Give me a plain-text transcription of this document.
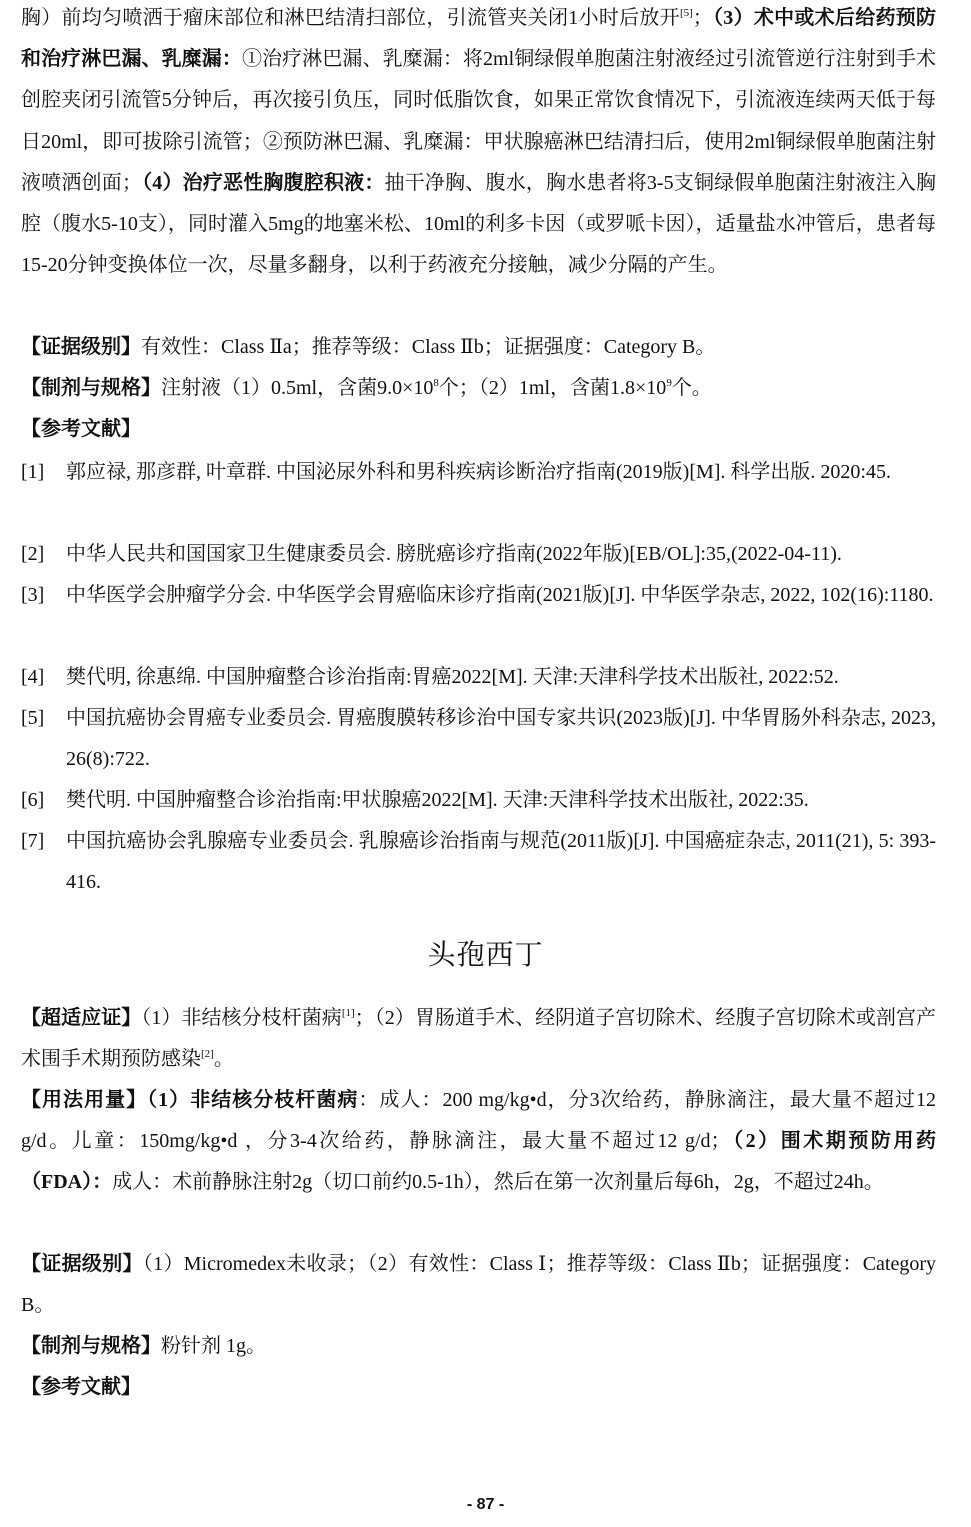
胸）前均匀喷洒于瘤床部位和淋巴结清扫部位，引流管夹关闭1小时后放开[5]；（3）术中或术后给药预防和治疗淋巴漏、乳糜漏：①治疗淋巴漏、乳糜漏：将2ml铜绿假单胞菌注射液经过引流管逆行注射到手术创腔夹闭引流管5分钟后，再次接引负压，同时低脂饮食，如果正常饮食情况下，引流液连续两天低于每日20ml，即可拔除引流管；②预防淋巴漏、乳糜漏：甲状腺癌淋巴结清扫后，使用2ml铜绿假单胞菌注射液喷洒创面；（4）治疗恶性胸腹腔积液：抽干净胸、腹水，胸水患者将3-5支铜绿假单胞菌注射液注入胸腔（腹水5-10支），同时灌入5mg的地塞米松、10ml的利多卡因（或罗哌卡因），适量盐水冲管后，患者每15-20分钟变换体位一次，尽量多翻身，以利于药液充分接触，减少分隔的产生。

【证据级别】有效性：Class Ⅱa；推荐等级：Class Ⅱb；证据强度：Category B。

【制剂与规格】注射液（1）0.5ml，含菌$9.0\times 10^8$个；（2）1ml，含菌$1.8\times 10^9$个。

【参考文献】

[1]	郭应禄, 那彦群, 叶章群. 中国泌尿外科和男科疾病诊断治疗指南(2019版)[M]. 科学出版. 2020:45.
[2]	中华人民共和国国家卫生健康委员会. 膀胱癌诊疗指南(2022年版)[EB/OL]:35,(2022-04-11).
[3]	中华医学会肿瘤学分会. 中华医学会胃癌临床诊疗指南(2021版)[J]. 中华医学杂志, 2022, 102(16):1180.
[4]	樊代明, 徐惠绵. 中国肿瘤整合诊治指南:胃癌2022[M]. 天津:天津科学技术出版社, 2022:52.
[5]	中国抗癌协会胃癌专业委员会. 胃癌腹膜转移诊治中国专家共识(2023版)[J]. 中华胃肠外科杂志, 2023, 26(8):722.
[6]	樊代明. 中国肿瘤整合诊治指南:甲状腺癌2022[M]. 天津:天津科学技术出版社, 2022:35.
[7]	中国抗癌协会乳腺癌专业委员会. 乳腺癌诊治指南与规范(2011版)[J]. 中国癌症杂志, 2011(21), 5: 393-416.
头孢西丁

【超适应证】（1）非结核分枝杆菌病[1]；（2）胃肠道手术、经阴道子宫切除术、经腹子宫切除术或剖宫产术围手术期预防感染[2]。

【用法用量】（1）非结核分枝杆菌病：成人：200 mg/kg•d，分3次给药，静脉滴注，最大量不超过12 g/d。儿童：150mg/kg•d ，分3-4次给药，静脉滴注，最大量不超过12 g/d；（2）围术期预防用药（FDA）：成人：术前静脉注射2g（切口前约0.5-1h），然后在第一次剂量后每6h，2g，不超过24h。

【证据级别】（1）Micromedex未收录；（2）有效性：Class Ⅰ；推荐等级：Class Ⅱb；证据强度：Category B。

【制剂与规格】粉针剂 1g。

【参考文献】

- 87 -
